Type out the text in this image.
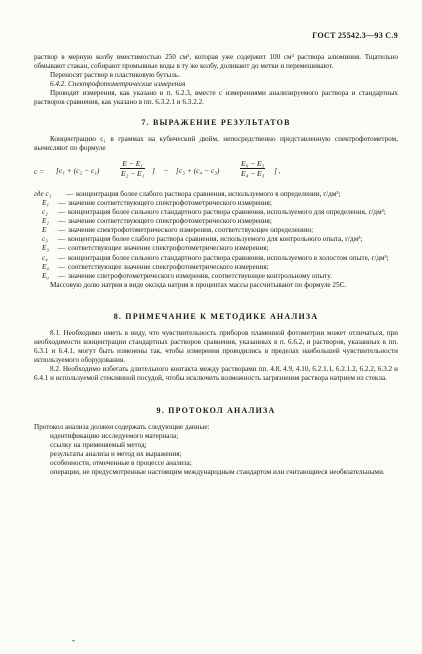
ГОСТ 25542.3—93 С.9

раствор в мерную колбу вместимостью 250 см³, которая уже содержит 100 см³ раствора алюминия. Тщательно обмывают стакан, собирают промывные воды в ту же колбу, доливают до метки и перемешивают.

Переносят раствор в пластиковую бутыль.

6.4.2. Спектрофотометрические измерения

Проводят измерения, как указано в п. 6.2.3, вместе с измерениями анализируемого раствора и стандартных растворов сравнения, как указано в пп. 6.3.2.1 и 6.3.2.2.

7. ВЫРАЖЕНИЕ РЕЗУЛЬТАТОВ

Концентрацию c₁ в граммах на кубический дюйм, непосредственно представленную спектрофотометром, вычисляют по формуле

c = [c₁ + (c₂ − c₁)	$\frac{\text{E − E₁}}{\text{E₂ − E₁}}$ ] − [c₃ + (c₄ − c₃)	$\frac{\text{E₀ − E₃}}{\text{E₄ − E₃}}$ ] ,
где c₁	— концентрация более слабого раствора сравнения, используемого в определении, г/дм³;
E₁	— значение соответствующего спектрофотометрического измерения;
c₂	— концентрация более сильного стандартного раствора сравнения, используемого для определения, г/дм³;
E₂	— значение соответствующего спектрофотометрического измерения;
E	— значение спектрофотометрического измерения, соответствующее определению;
c₃	— концентрация более слабого раствора сравнения, используемого для контрольного опыта, г/дм³;
E₃	— соответствующее значение спектрофотометрического измерения;
c₄	— концентрация более сильного стандартного раствора сравнения, используемого в холостом опыте, г/дм³;
E₄	— соответствующее значение спектрофотометрического измерения;
E₀	— значение спетрофотометрического измерения, соответствующее контрольному опыту.

Массовую долю натрия в виде оксида натрия в процентах массы рассчитывают по формуле 25С.

8. ПРИМЕЧАНИЕ К МЕТОДИКЕ АНАЛИЗА

8.1. Необходимо иметь в виду, что чувствительность приборов пламенной фотометрии может отличаться, при необходимости концентрации стандартных растворов сравнения, указанных в п. 6.6.2, и растворов, указанных в пп. 6.3.1 и 6.4.1, могут быть изменены так, чтобы измерения проводились в пределах наибольшей чувствительности используемого оборудования.

8.2. Необходимо избегать длительного контакта между растворами пп. 4.8, 4.9, 4.10, 6.2.1.1, 6.2.1.2, 6.2.2, 6.3.2 и 6.4.1 и используемой стеклянной посудой, чтобы исключить возможность загрязнения раствора натрием из стекла.

9. ПРОТОКОЛ АНАЛИЗА

Протокол анализа должен содержать следующие данные:

идентификацию исследуемого материала;

ссылку на применяемый метод;

результаты анализа и метод их выражения;

особенности, отмеченные в процессе анализа;

операции, не предусмотренные настоящим международным стандартом или считающиеся необязательными.

-
